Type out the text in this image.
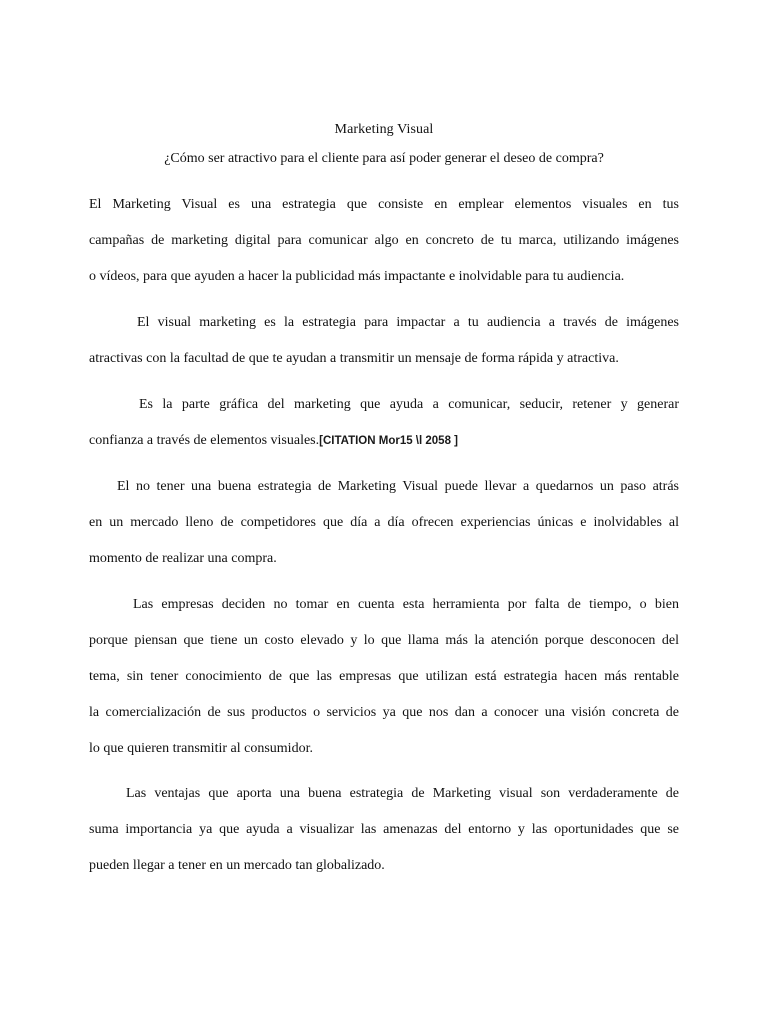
Marketing Visual
¿Cómo ser atractivo para el cliente para así poder generar el deseo de compra?
El Marketing Visual es una estrategia que consiste en emplear elementos visuales en tus
campañas de marketing digital para comunicar algo en concreto de tu marca, utilizando imágenes
o vídeos, para que ayuden a hacer la publicidad más impactante e inolvidable para tu audiencia.
El visual marketing es la estrategia para impactar a tu audiencia a través de imágenes
atractivas con la facultad de que te ayudan a transmitir un mensaje de forma rápida y atractiva.
Es la parte gráfica del marketing que ayuda a comunicar, seducir, retener y generar
confianza a través de elementos visuales.[CITATION Mor15 \l 2058 ]
El no tener una buena estrategia de Marketing Visual puede llevar a quedarnos un paso atrás
en un mercado lleno de competidores que día a día ofrecen experiencias únicas e inolvidables al
momento de realizar una compra.
Las empresas deciden no tomar en cuenta esta herramienta por falta de tiempo, o bien
porque piensan que tiene un costo elevado y lo que llama más la atención porque desconocen del
tema, sin tener conocimiento de que las empresas que utilizan está estrategia hacen más rentable
la comercialización de sus productos o servicios ya que nos dan a conocer una visión concreta de
lo que quieren transmitir al consumidor.
Las ventajas que aporta una buena estrategia de Marketing visual son verdaderamente de
suma importancia ya que ayuda a visualizar las amenazas del entorno y las oportunidades que se
pueden llegar a tener en un mercado tan globalizado.
